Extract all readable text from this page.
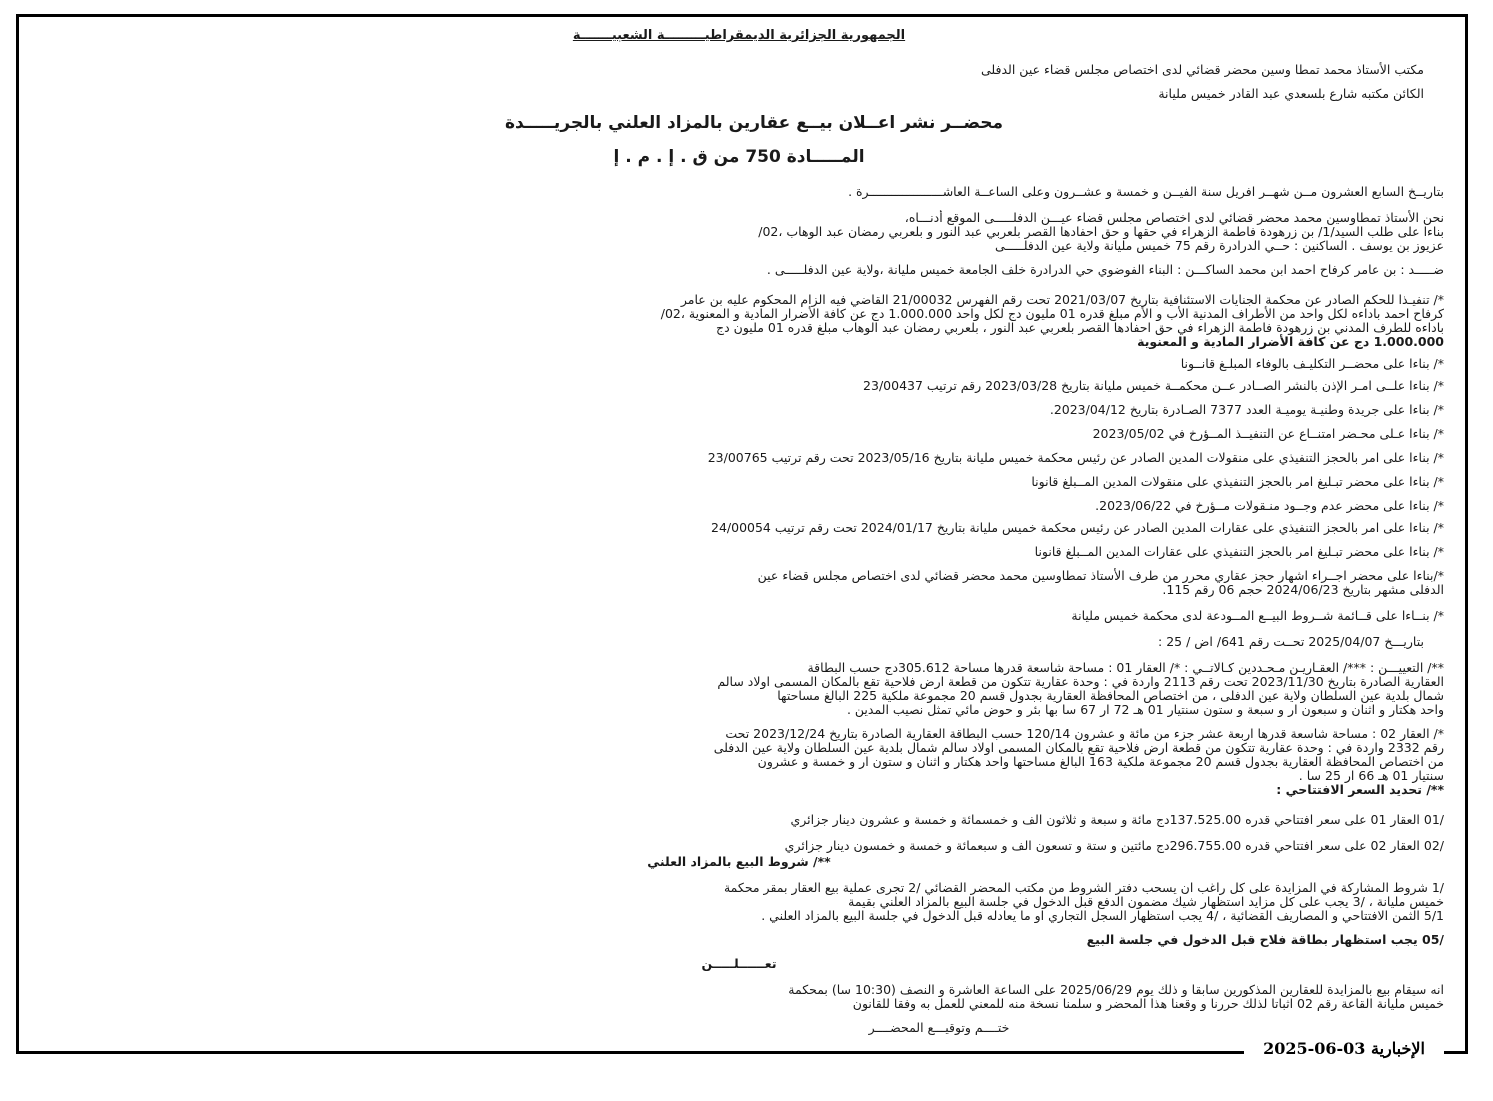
الجمهورية الجزائرية الديمقراطيـــــــــة الشعبيـــــــة
مكتب الأستاذ محمد تمطا وسين محضر قضائي لدى اختصاص مجلس قضاء عين الدفلى
الكائن مكتبه شارع بلسعدي عبد القادر خميس مليانة
محضــر نشر اعــلان بيــع عقارين بالمزاد العلني بالجريـــــدة
المـــــادة 750 من ق . إ . م . إ
بتاريــخ السابع العشرون مــن شهــر افريل سنة الفيــن و خمسة و عشــرون وعلى الساعــة العاشــــــــــــــــــــرة .
نحن الأستاذ تمطاوسين محمد محضر قضائي لدى اختصاص مجلس قضاء عيـــن الدفلـــــى الموقع أدنـــاه،
بناءا على طلب السيد/1/ بن زرهودة فاطمة الزهراء في حقها و حق احفادها القصر بلعربي عبد النور و بلعربي رمضان عبد الوهاب ،02/
عزيوز بن يوسف . الساكنين : حــي الدرادرة رقم 75 خميس مليانة ولاية عين الدفلـــــى
ضـــــد : بن عامر كرفاح احمد ابن محمد الساكـــن : البناء الفوضوي حي الدرادرة خلف الجامعة خميس مليانة ،ولاية عين الدفلـــــى .
*/ تنفيـذا للحكم الصادر عن محكمة الجنايات الاستئنافية بتاريخ 2021/03/07 تحت رقم الفهرس 21/00032 القاضي فيه الزام المحكوم عليه بن عامر
كرفاح احمد باداءه لكل واحد من الأطراف المدنية الأب و الأم مبلغ قدره 01 مليون دج لكل واحد 1.000.000 دج عن كافة الأضرار المادية و المعنوية ،02/
باداءه للطرف المدني بن زرهودة فاطمة الزهراء في حق احفادها القصر بلعربي عبد النور ، بلعربي رمضان عبد الوهاب مبلغ قدره 01 مليون دج
1.000.000 دج عن كافة الأضرار المادية و المعنوية
*/ بناءا على محضــر التكليـف بالوفاء المبلـغ قانــونا
*/ بناءا علــى امـر الإذن بالنشر الصــادر عــن محكمــة خميس مليانة بتاريخ 2023/03/28 رقم ترتيب 23/00437
*/ بناءا على جريدة وطنيـة يوميـة العدد 7377 الصـادرة بتاريخ 2023/04/12.
*/ بناءا عـلى محـضر امتنــاع عن التنفيــذ المــؤرخ في 2023/05/02
*/ بناءا على امر بالحجز التنفيذي على منقولات المدين الصادر عن رئيس محكمة خميس مليانة بتاريخ 2023/05/16 تحت رقم ترتيب 23/00765
*/ بناءا على محضر تبـليغ امر بالحجز التنفيذي على منقولات المدين المــبلغ قانونا
*/ بناءا على محضر عدم وجــود منـقولات مــؤرخ في 2023/06/22.
*/ بناءا على امر بالحجز التنفيذي على عقارات المدين الصادر عن رئيس محكمة خميس مليانة بتاريخ 2024/01/17 تحت رقم ترتيب 24/00054
*/ بناءا على محضر تبـليغ امر بالحجز التنفيذي على عقارات المدين المــبلغ قانونا
*/بناءا على محضر اجــراء اشهار حجز عقاري محرر من طرف الأستاذ تمطاوسين محمد محضر قضائي لدى اختصاص مجلس قضاء عين
الدفلى مشهر بتاريخ 2024/06/23 حجم 06 رقم 115.
*/ بنــاءا على قــائمة شــروط البيــع المــودعة لدى محكمة خميس مليانة
بتاريـــخ 2025/04/07 تحــت رقم 641/ اض / 25 :
**/ التعييـــن : ***/ العقـاريـن مـحـددين كـالاتــي : */ العقار 01 : مساحة شاسعة قدرها مساحة 305.612دج حسب البطاقة
العقارية الصادرة بتاريخ 2023/11/30 تحت رقم 2113 واردة في : وحدة عقارية تتكون من قطعة ارض فلاحية تقع بالمكان المسمى اولاد سالم
شمال بلدية عين السلطان ولاية عين الدفلى ، من اختصاص المحافظة العقارية بجدول قسم 20 مجموعة ملكية 225 البالغ مساحتها
واحد هكتار و اثنان و سبعون ار و سبعة و ستون سنتيار 01 هـ 72 ار 67 سا بها بئر و حوض مائي تمثل نصيب المدين .
*/ العقار 02 : مساحة شاسعة قدرها اربعة عشر جزء من مائة و عشرون 120/14 حسب البطاقة العقارية الصادرة بتاريخ 2023/12/24 تحت
رقم 2332 واردة في : وحدة عقارية تتكون من قطعة ارض فلاحية تقع بالمكان المسمى اولاد سالم شمال بلدية عين السلطان ولاية عين الدفلى
من اختصاص المحافظة العقارية بجدول قسم 20 مجموعة ملكية 163 البالغ مساحتها واحد هكتار و اثنان و ستون ار و خمسة و عشرون
سنتيار 01 هـ 66 ار 25 سا .
**/ تحديد السعر الافتتاحي :
/01 العقار 01 على سعر افتتاحي قدره 137.525.00دج مائة و سبعة و ثلاثون الف و خمسمائة و خمسة و عشرون دينار جزائري
/02 العقار 02 على سعر افتتاحي قدره 296.755.00دج مائتين و ستة و تسعون الف و سبعمائة و خمسة و خمسون دينار جزائري
**/ شروط البيع بالمزاد العلني
/1 شروط المشاركة في المزايدة على كل راغب ان يسحب دفتر الشروط من مكتب المحضر القضائي /2 تجرى عملية بيع العقار بمقر محكمة
خميس مليانة ، /3 يجب على كل مزايد استظهار شيك مضمون الدفع قبل الدخول في جلسة البيع بالمزاد العلني بقيمة
5/1 الثمن الافتتاحي و المصاريف القضائية ، /4 يجب استظهار السجل التجاري او ما يعادله قبل الدخول في جلسة البيع بالمزاد العلني .
/05 يجب استظهار بطاقة فلاح قبل الدخول في جلسة البيع
تعــــــلـــــن
انه سيقام بيع بالمزايدة للعقارين المذكورين سابقا و ذلك يوم 2025/06/29 على الساعة العاشرة و النصف (10:30 سا) بمحكمة
خميس مليانة القاعة رقم 02 اثباتا لذلك حررنا و وقعنا هذا المحضر و سلمنا نسخة منه للمعني للعمل به وفقا للقانون
ختــــم وتوقيـــع المحضــــر
الإخبارية 03-06-2025
